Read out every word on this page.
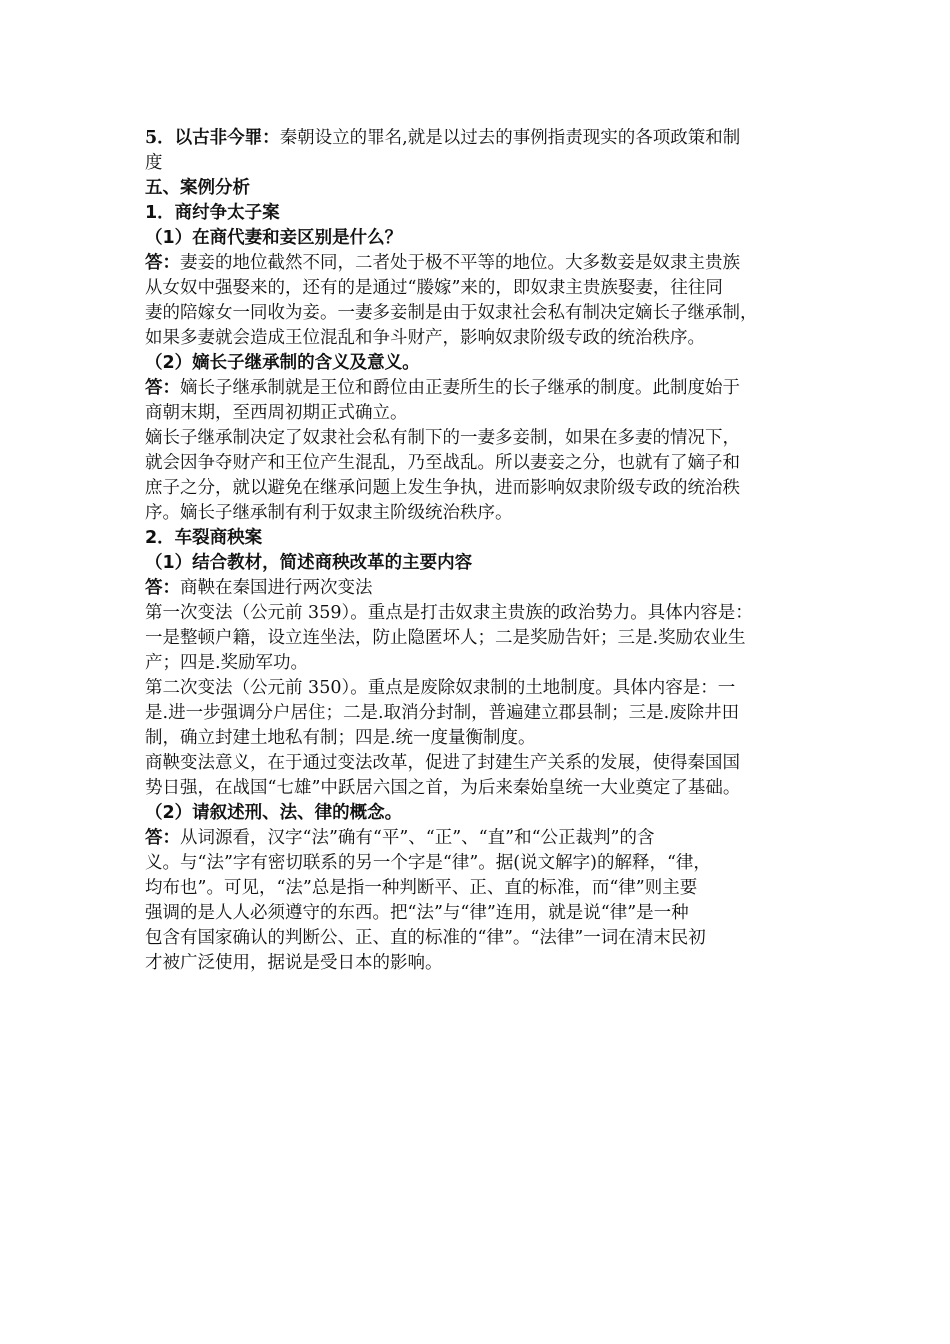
5．以古非今罪：秦朝设立的罪名,就是以过去的事例指责现实的各项政策和制
度
五、案例分析
1．商纣争太子案
（1）在商代妻和妾区别是什么？
答：妻妾的地位截然不同，二者处于极不平等的地位。大多数妾是奴隶主贵族
从女奴中强娶来的，还有的是通过“媵嫁”来的，即奴隶主贵族娶妻，往往同
妻的陪嫁女一同收为妾。一妻多妾制是由于奴隶社会私有制决定嫡长子继承制，
如果多妻就会造成王位混乱和争斗财产，影响奴隶阶级专政的统治秩序。
（2）嫡长子继承制的含义及意义。
答：嫡长子继承制就是王位和爵位由正妻所生的长子继承的制度。此制度始于
商朝末期，至西周初期正式确立。
嫡长子继承制决定了奴隶社会私有制下的一妻多妾制，如果在多妻的情况下，
就会因争夺财产和王位产生混乱，乃至战乱。所以妻妾之分，也就有了嫡子和
庶子之分，就以避免在继承问题上发生争执，进而影响奴隶阶级专政的统治秩
序。嫡长子继承制有利于奴隶主阶级统治秩序。
2．车裂商秧案
（1）结合教材，简述商秧改革的主要内容
答：商鞅在秦国进行两次变法
第一次变法（公元前 359）。重点是打击奴隶主贵族的政治势力。具体内容是：
一是整顿户籍，设立连坐法，防止隐匿坏人；二是奖励告奸；三是.奖励农业生
产；四是.奖励军功。
第二次变法（公元前 350）。重点是废除奴隶制的土地制度。具体内容是：一
是.进一步强调分户居住；二是.取消分封制，普遍建立郡县制；三是.废除井田
制，确立封建土地私有制；四是.统一度量衡制度。
商鞅变法意义，在于通过变法改革，促进了封建生产关系的发展，使得秦国国
势日强，在战国“七雄”中跃居六国之首，为后来秦始皇统一大业奠定了基础。
（2）请叙述刑、法、律的概念。
答：从词源看，汉字“法”确有“平”、“正”、“直”和“公正裁判”的含
义。与“法”字有密切联系的另一个字是“律”。据(说文解字)的解释，“律，
均布也”。可见，“法”总是指一种判断平、正、直的标准，而“律”则主要
强调的是人人必须遵守的东西。把“法”与“律”连用，就是说“律”是一种
包含有国家确认的判断公、正、直的标准的“律”。“法律”一词在清末民初
才被广泛使用，据说是受日本的影响。
